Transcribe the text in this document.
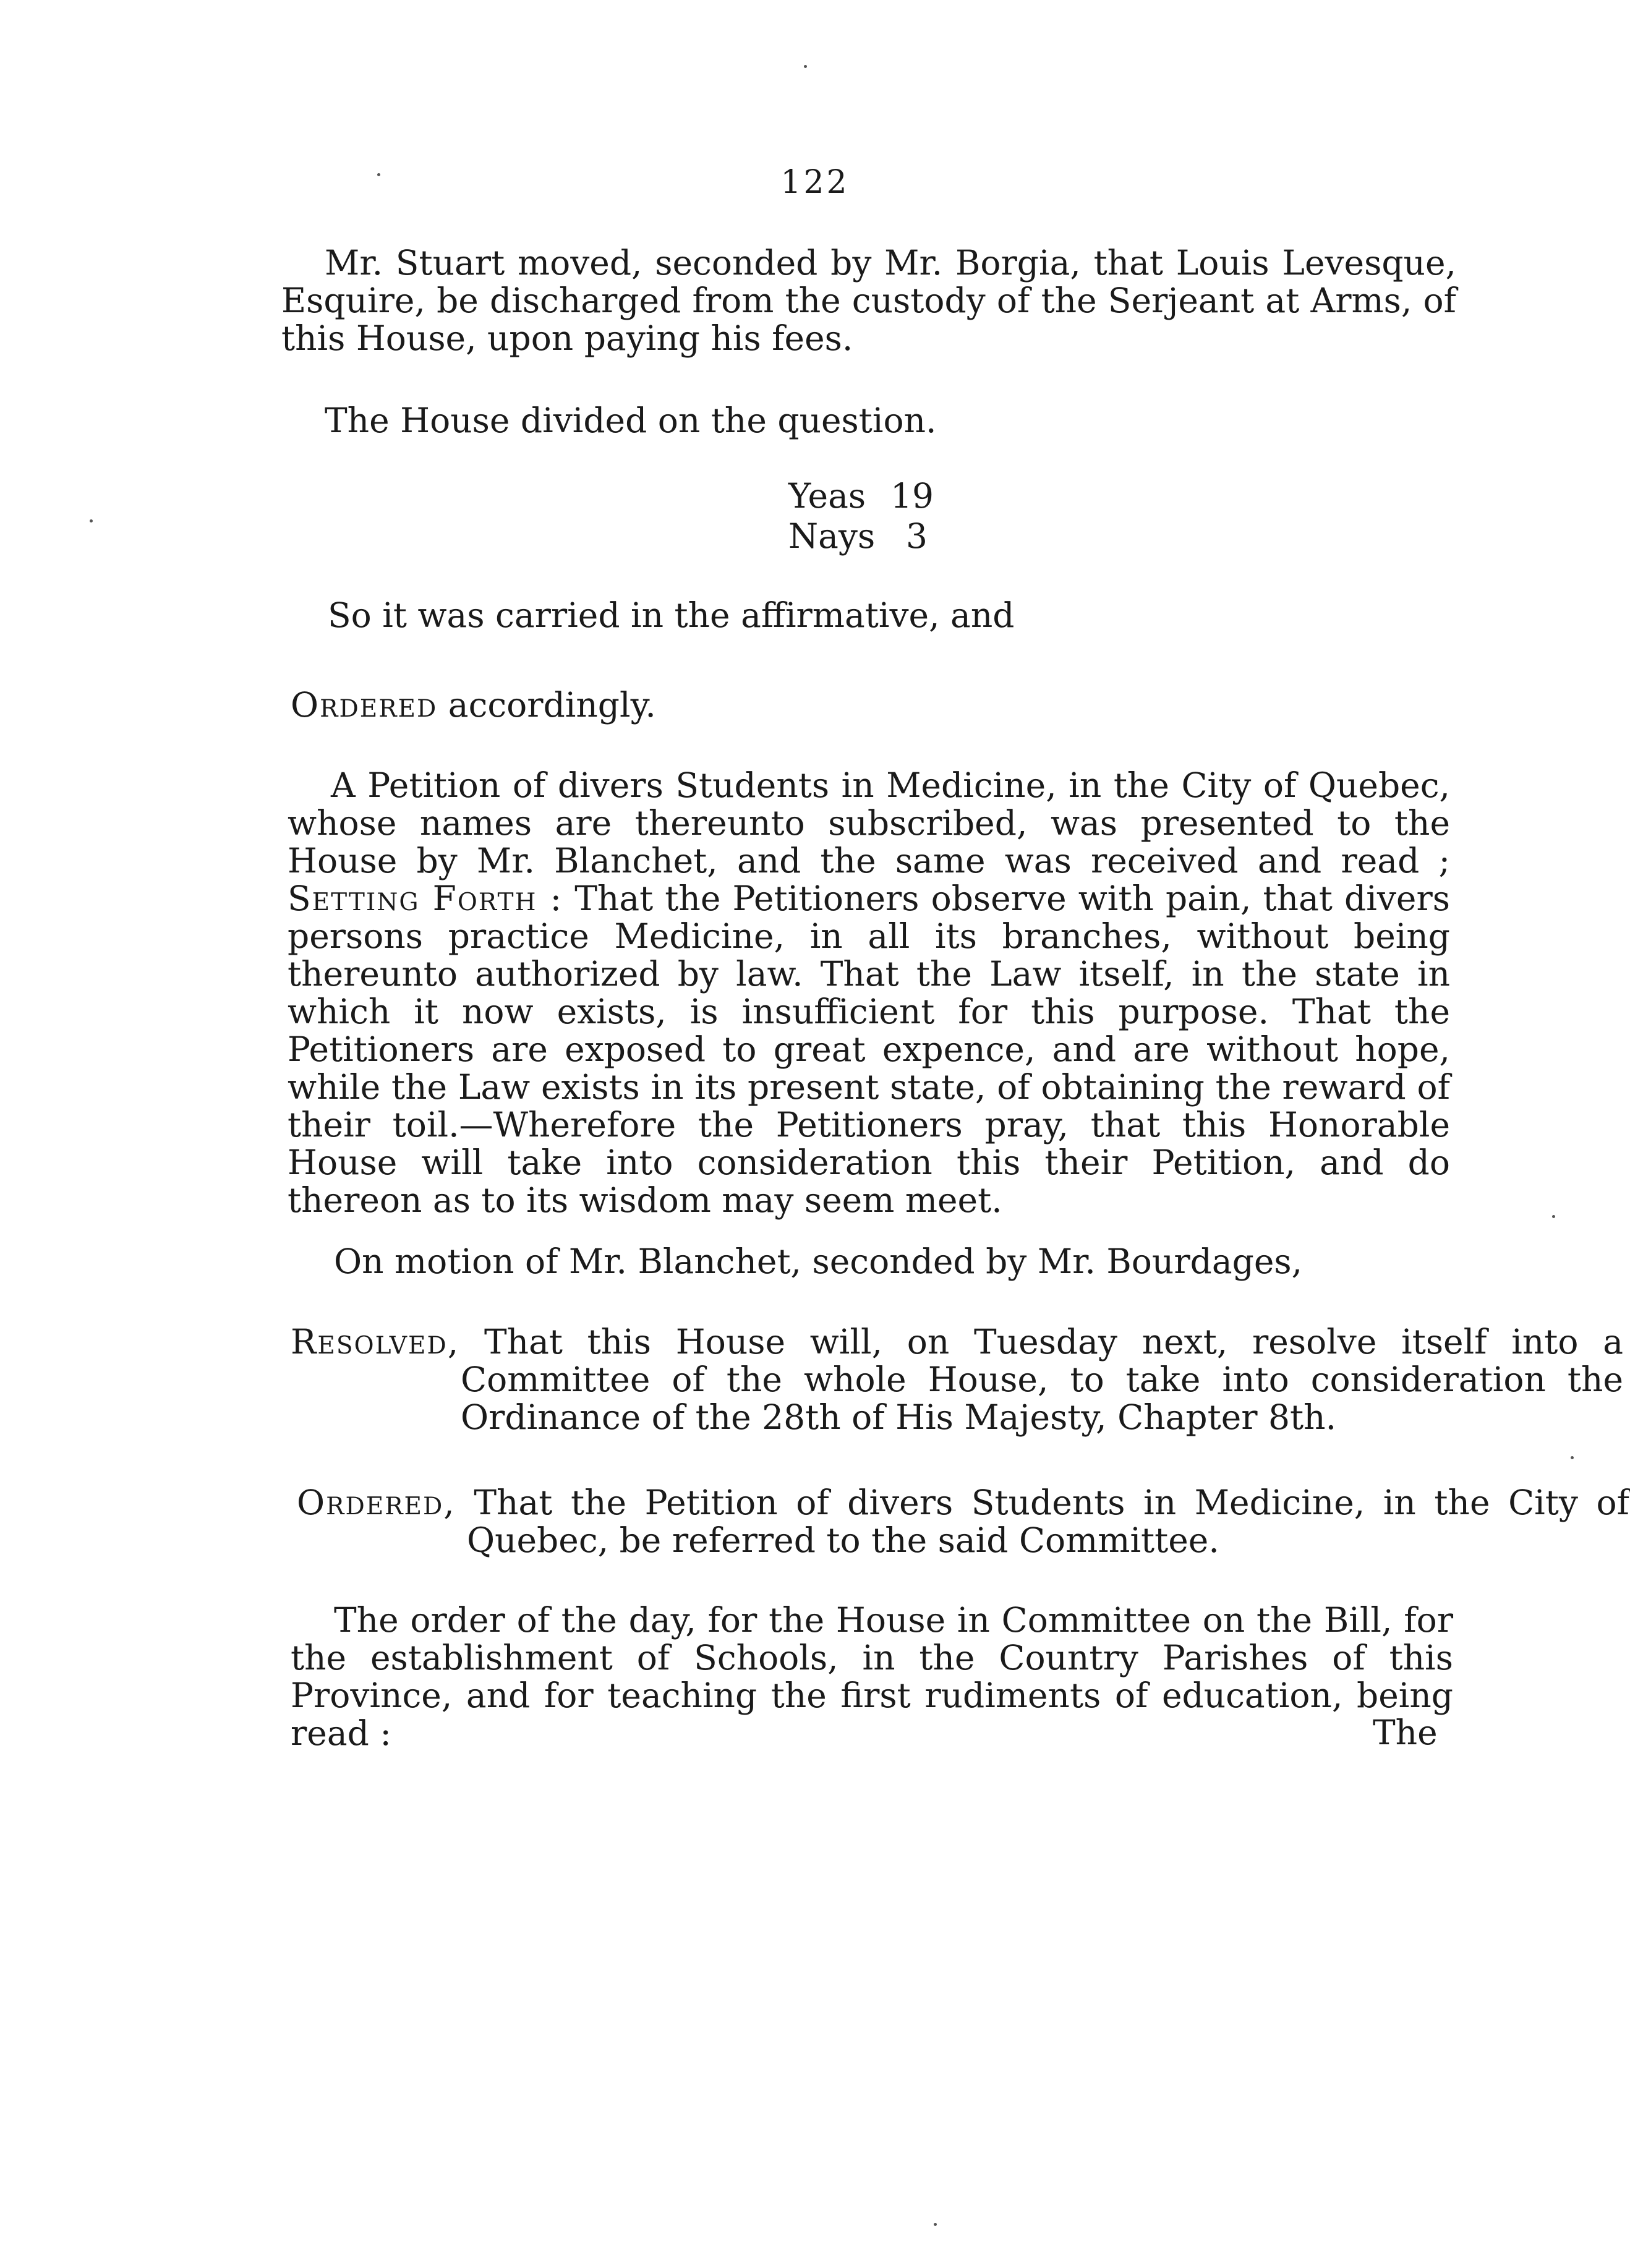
122
Mr. Stuart moved, seconded by Mr. Borgia, that Louis Levesque, Esquire, be discharged from the custody of the Serjeant at Arms, of this House, upon paying his fees.
The House divided on the question.
Yeas 19
Nays 3
So it was carried in the affirmative, and
Ordered accordingly.
A Petition of divers Students in Medicine, in the City of Quebec, whose names are thereunto subscribed, was presented to the House by Mr. Blanchet, and the same was received and read ; Setting Forth : That the Petitioners observe with pain, that divers persons practice Medicine, in all its branches, without being thereunto authorized by law. That the Law itself, in the state in which it now exists, is insufficient for this purpose. That the Petitioners are exposed to great expence, and are without hope, while the Law exists in its present state, of obtaining the reward of their toil.—Wherefore the Petitioners pray, that this Honorable House will take into consideration this their Petition, and do thereon as to its wisdom may seem meet.
On motion of Mr. Blanchet, seconded by Mr. Bourdages,
Resolved, That this House will, on Tuesday next, resolve itself into a Committee of the whole House, to take into consideration the Ordinance of the 28th of His Majesty, Chapter 8th.
Ordered, That the Petition of divers Students in Medicine, in the City of Quebec, be referred to the said Committee.
The order of the day, for the House in Committee on the Bill, for the establishment of Schools, in the Country Parishes of this Province, and for teaching the first rudiments of education, being read :	The
